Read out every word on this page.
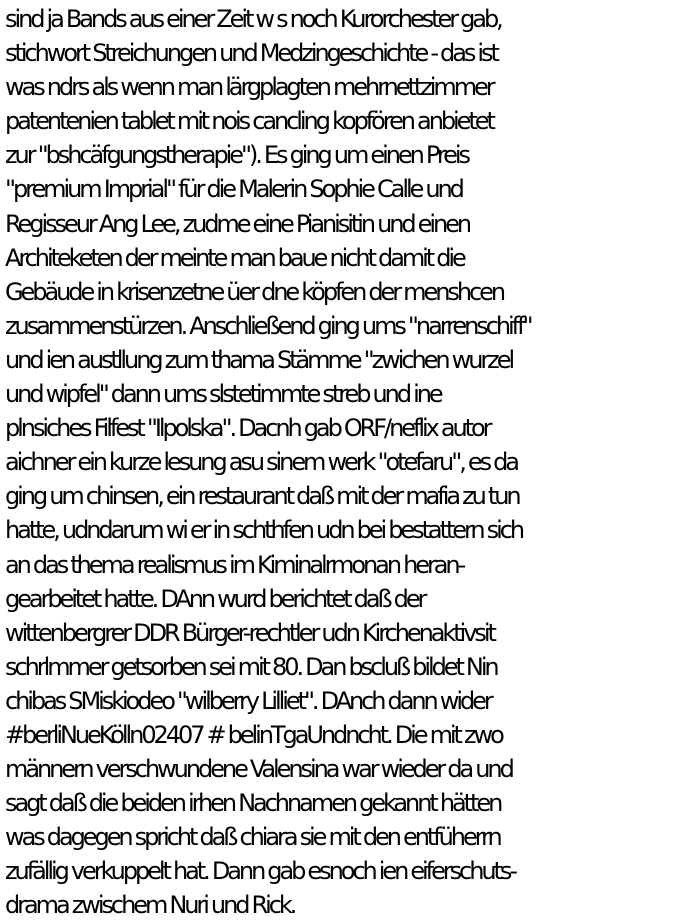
sind ja Bands aus einer Zeit w s noch Kurorchester gab,
stichwort Streichungen und Medzingeschichte - das ist
was ndrs als wenn man lärgplagten mehrnettzimmer
patentenien tablet mit nois cancling kopfören anbietet
zur "bshcäfgungstherapie"). Es ging um einen Preis
"premium Imprial" für die Malerin Sophie Calle und
Regisseur Ang Lee, zudme eine Pianisitin und einen
Architeketen der meinte man baue nicht damit die
Gebäude in krisenzetne üer dne köpfen der menshcen
zusammenstürzen. Anschließend ging ums "narrenschiff"
und ien austllung zum thama Stämme "zwichen wurzel
und wipfel" dann ums slstetimmte streb und ine
plnsiches Filfest "Ilpolska". Dacnh gab ORF/neflix autor
aichner ein kurze lesung asu sinem werk "otefaru", es da
ging um chinsen, ein restaurant daß mit der mafia zu tun
hatte, udndarum wi er in schthfen udn bei bestattern sich
an das thema realismus im Kiminalrmonan heran-
gearbeitet hatte. DAnn wurd berichtet daß der
wittenbergrer DDR Bürger-rechtler udn Kirchenaktivsit
schrlmmer getsorben sei mit 80. Dan bscluß bildet Nin
chibas SMiskiodeo "wilberry Lilliet". DAnch dann wider
#berliNueKölln02407 # belinTgaUndncht. Die mit zwo
männern verschwundene Valensina war wieder da und
sagt daß die beiden irhen Nachnamen gekannt hätten
was dagegen spricht daß chiara sie mit den entfüherrn
zufällig verkuppelt hat. Dann gab esnoch ien eiferschuts-
drama zwischem Nuri und Rick.
